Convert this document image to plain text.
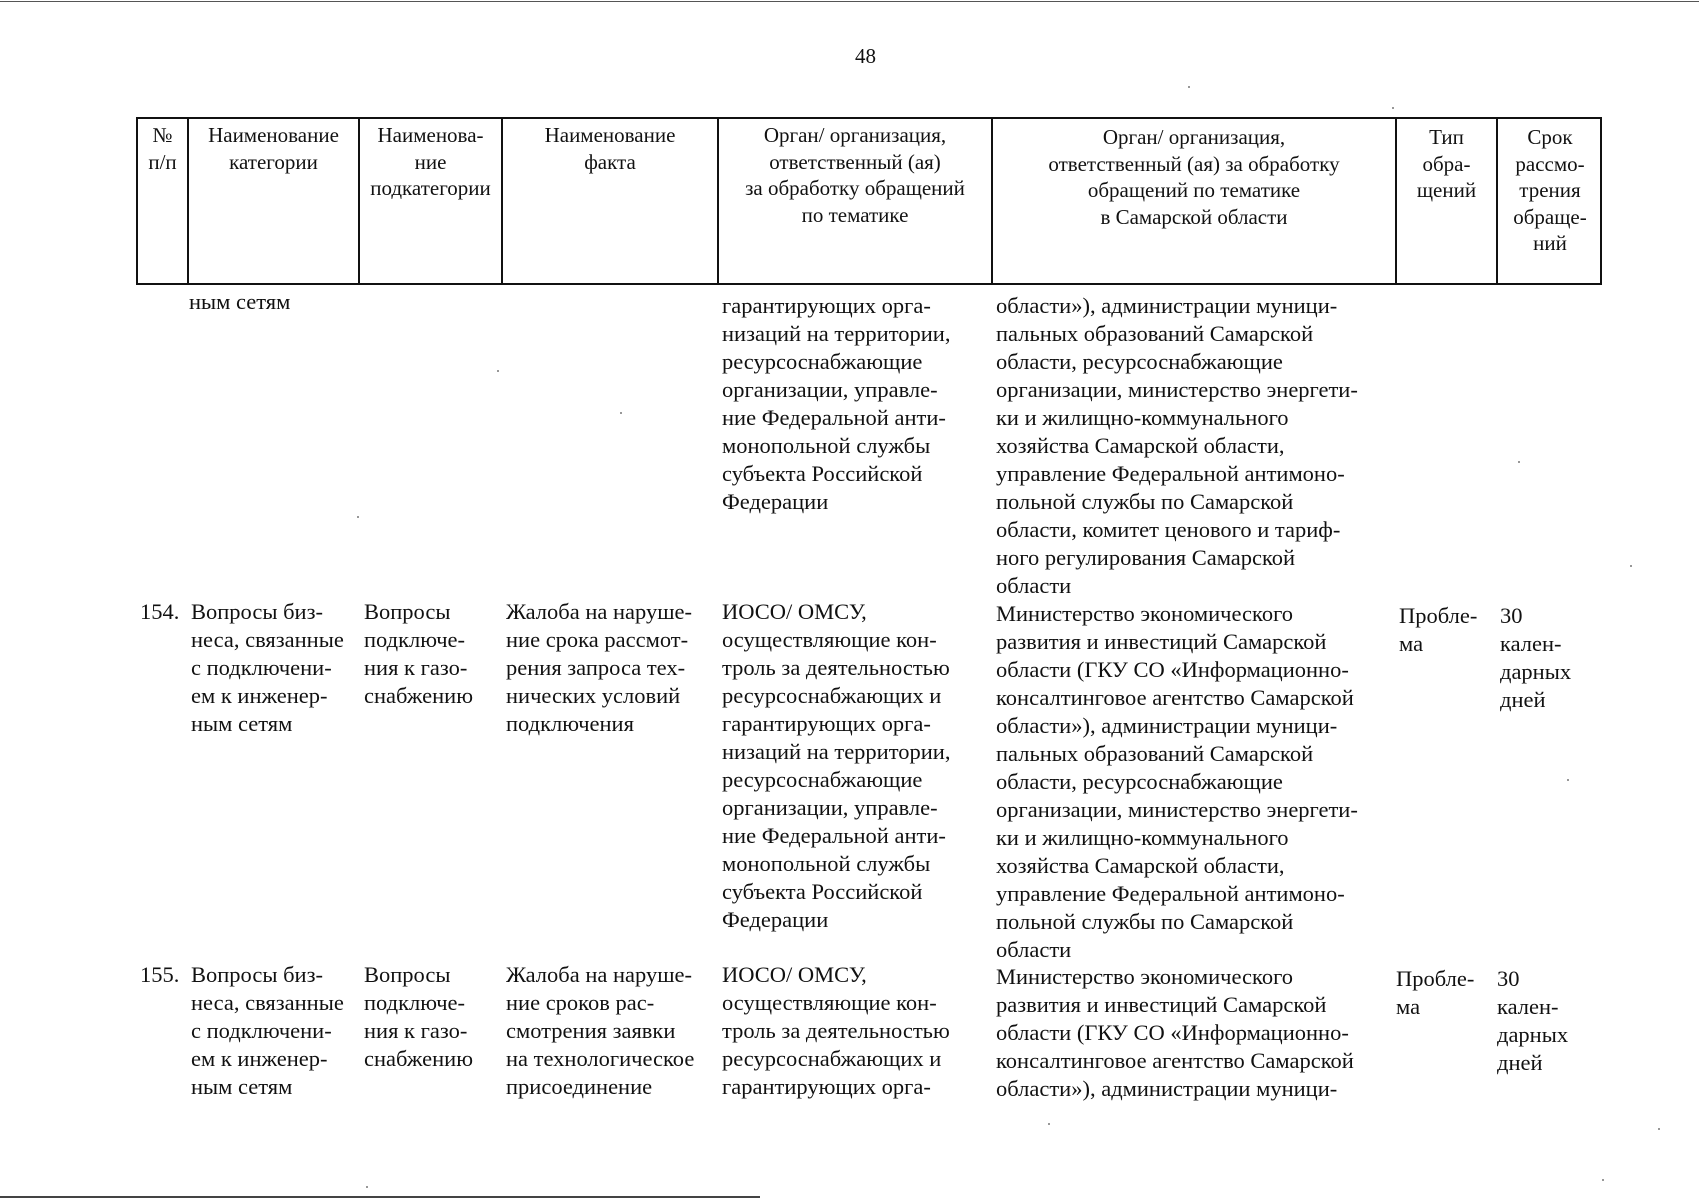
48
№
п/п
Наименование
категории
Наименова-
ние
подкатегории
Наименование
факта
Орган/ организация,
ответственный (ая)
за обработку обращений
по тематике
Орган/ организация,
ответственный (ая) за обработку
обращений по тематике
в Самарской области
Тип
обра-
щений
Срок
рассмо-
трения
обраще-
ний
ным сетям	гарантирующих орга-
низаций на территории,
ресурсоснабжающие
организации, управле-
ние Федеральной анти-
монопольной службы
субъекта Российской
Федерации
области»), администрации муници-
пальных образований Самарской
области, ресурсоснабжающие
организации, министерство энергети-
ки и жилищно-коммунального
хозяйства Самарской области,
управление Федеральной антимоно-
польной службы по Самарской
области, комитет ценового и тариф-
ного регулирования Самарской
области
154. Вопросы биз-
неса, связанные
с подключени-
ем к инженер-
ным сетям
Вопросы
подключе-
ния к газо-
снабжению
Жалоба на наруше-
ние срока рассмот-
рения запроса тех-
нических условий
подключения
ИОСО/ ОМСУ,
осуществляющие кон-
троль за деятельностью
ресурсоснабжающих и
гарантирующих орга-
низаций на территории,
ресурсоснабжающие
организации, управле-
ние Федеральной анти-
монопольной службы
субъекта Российской
Федерации
Министерство экономического
развития и инвестиций Самарской
области (ГКУ СО «Информационно-
консалтинговое агентство Самарской
области»), администрации муници-
пальных образований Самарской
области, ресурсоснабжающие
организации, министерство энергети-
ки и жилищно-коммунального
хозяйства Самарской области,
управление Федеральной антимоно-
польной службы по Самарской
области
Пробле-
ма
30
кален-
дарных
дней
155. Вопросы биз-
неса, связанные
с подключени-
ем к инженер-
ным сетям
Вопросы
подключе-
ния к газо-
снабжению
Жалоба на наруше-
ние сроков рас-
смотрения заявки
на технологическое
присоединение
ИОСО/ ОМСУ,
осуществляющие кон-
троль за деятельностью
ресурсоснабжающих и
гарантирующих орга-
Министерство экономического
развития и инвестиций Самарской
области (ГКУ СО «Информационно-
консалтинговое агентство Самарской
области»), администрации муници-
Пробле-
ма
30
кален-
дарных
дней
